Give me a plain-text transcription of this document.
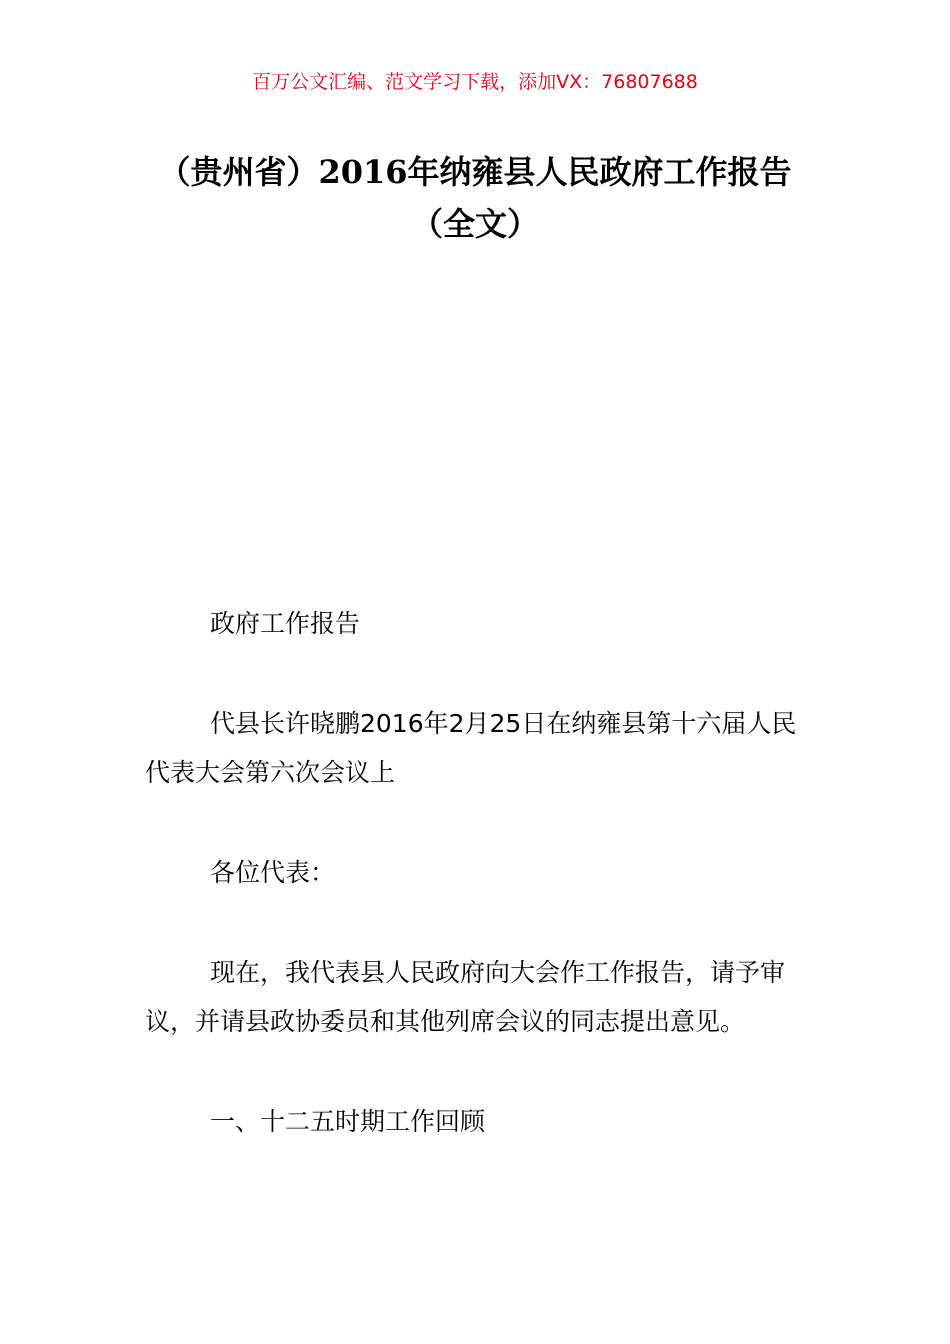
百万公文汇编、范文学习下载，添加VX：76807688
（贵州省）2016年纳雍县人民政府工作报告（全文）

政府工作报告

代县长许晓鹏2016年2月25日在纳雍县第十六届人民代表大会第六次会议上

各位代表：

现在，我代表县人民政府向大会作工作报告，请予审议，并请县政协委员和其他列席会议的同志提出意见。

一、十二五时期工作回顾
